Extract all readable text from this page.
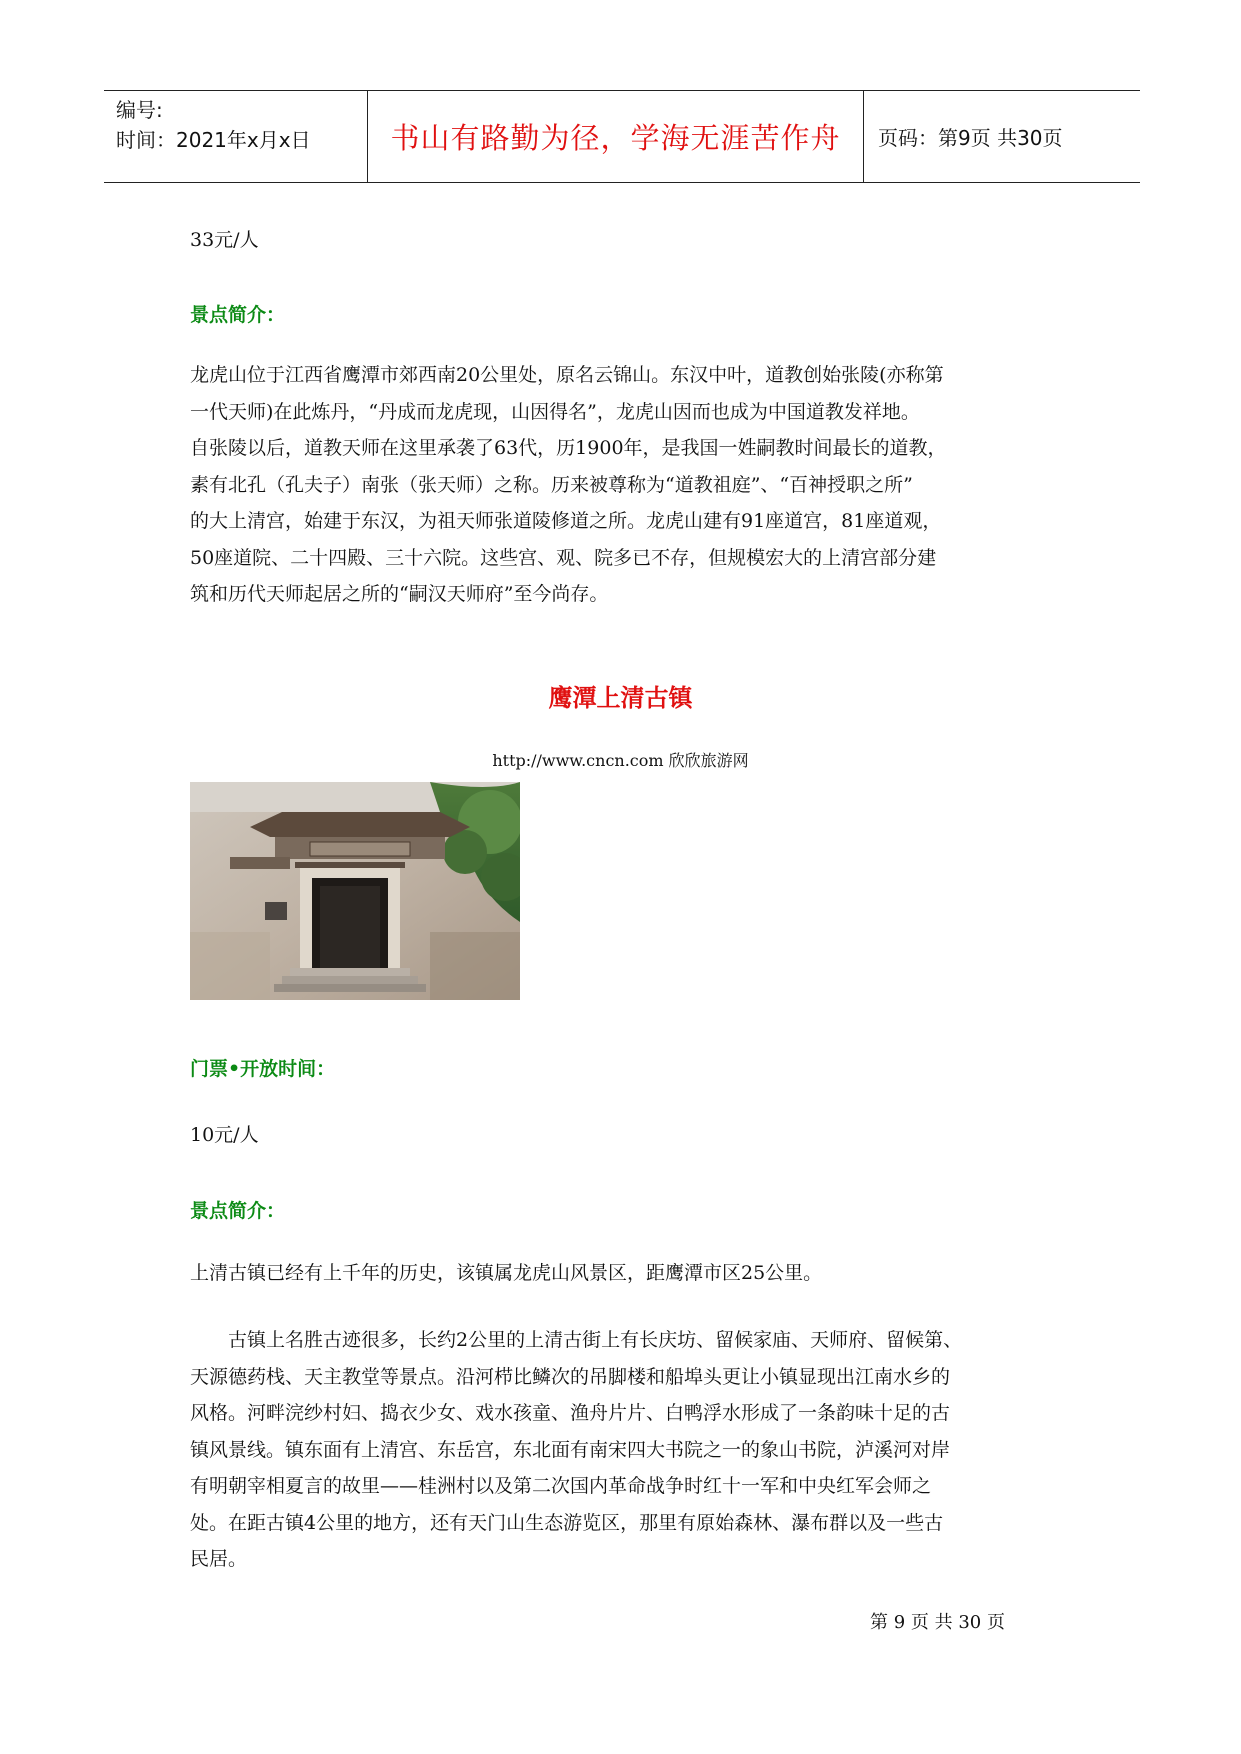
编号:
时间：2021年x月x日	书山有路勤为径，学海无涯苦作舟	页码：第9页 共30页

33元/人

景点简介：

龙虎山位于江西省鹰潭市郊西南20公里处，原名云锦山。东汉中叶，道教创始张陵(亦称第

一代天师)在此炼丹，“丹成而龙虎现，山因得名”，龙虎山因而也成为中国道教发祥地。

自张陵以后，道教天师在这里承袭了63代，历1900年，是我国一姓嗣教时间最长的道教，

素有北孔（孔夫子）南张（张天师）之称。历来被尊称为“道教祖庭”、“百神授职之所”

的大上清宫，始建于东汉，为祖天师张道陵修道之所。龙虎山建有91座道宫，81座道观，

50座道院、二十四殿、三十六院。这些宫、观、院多已不存，但规模宏大的上清宫部分建

筑和历代天师起居之所的“嗣汉天师府”至今尚存。

鹰潭上清古镇
http://www.cncn.com 欣欣旅游网

门票•开放时间：

10元/人

景点简介：

上清古镇已经有上千年的历史，该镇属龙虎山风景区，距鹰潭市区25公里。

　　古镇上名胜古迹很多，长约2公里的上清古街上有长庆坊、留候家庙、天师府、留候第、

天源德药栈、天主教堂等景点。沿河栉比鳞次的吊脚楼和船埠头更让小镇显现出江南水乡的

风格。河畔浣纱村妇、捣衣少女、戏水孩童、渔舟片片、白鸭浮水形成了一条韵味十足的古

镇风景线。镇东面有上清宫、东岳宫，东北面有南宋四大书院之一的象山书院，泸溪河对岸

有明朝宰相夏言的故里——桂洲村以及第二次国内革命战争时红十一军和中央红军会师之

处。在距古镇4公里的地方，还有天门山生态游览区，那里有原始森林、瀑布群以及一些古

民居。

第 9 页 共 30 页
